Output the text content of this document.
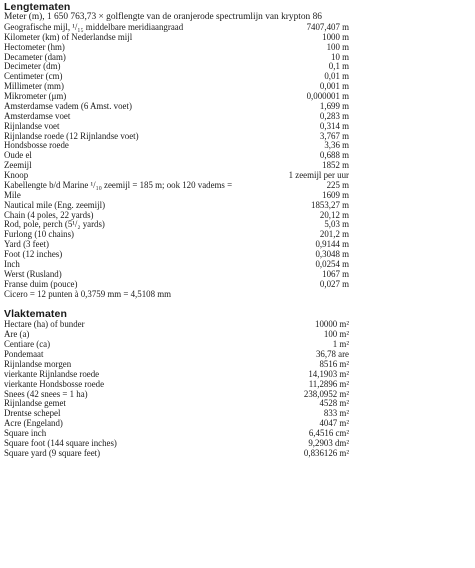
Lengtematen
Meter (m), 1 650 763,73 × golflengte van de oranjerode spectrumlijn van krypton 86
Geografische mijl, ¹/₁₅ middelbare meridiaangraad	7407,407 m
Kilometer (km) of Nederlandse mijl	1000 m
Hectometer (hm)	100 m
Decameter (dam)	10 m
Decimeter (dm)	0,1 m
Centimeter (cm)	0,01 m
Millimeter (mm)	0,001 m
Mikrometer (μm)	0,000001 m
Amsterdamse vadem (6 Amst. voet)	1,699 m
Amsterdamse voet	0,283 m
Rijnlandse voet	0,314 m
Rijnlandse roede (12 Rijnlandse voet)	3,767 m
Hondsbosse roede	3,36 m
Oude el	0,688 m
Zeemijl	1852 m
Knoop	1 zeemijl per uur
Kabellengte b/d Marine ¹/₁₀ zeemijl = 185 m; ook 120 vadems =	225 m
Mile	1609 m
Nautical mile (Eng. zeemijl)	1853,27 m
Chain (4 poles, 22 yards)	20,12 m
Rod, pole, perch (5¹/₂ yards)	5,03 m
Furlong (10 chains)	201,2 m
Yard (3 feet)	0,9144 m
Foot (12 inches)	0,3048 m
Inch	0,0254 m
Werst (Rusland)	1067 m
Franse duim (pouce)	0,027 m
Cicero = 12 punten à 0,3759 mm = 4,5108 mm
Vlaktematen
Hectare (ha) of bunder	10000 m²
Are (a)	100 m²
Centiare (ca)	1 m²
Pondemaat	36,78 are
Rijnlandse morgen	8516 m²
vierkante Rijnlandse roede	14,1903 m²
vierkante Hondsbosse roede	11,2896 m²
Snees (42 snees = 1 ha)	238,0952 m²
Rijnlandse gemet	4528 m²
Drentse schepel	833 m²
Acre (Engeland)	4047 m²
Square inch	6,4516 cm²
Square foot (144 square inches)	9,2903 dm²
Square yard (9 square feet)	0,836126 m²
